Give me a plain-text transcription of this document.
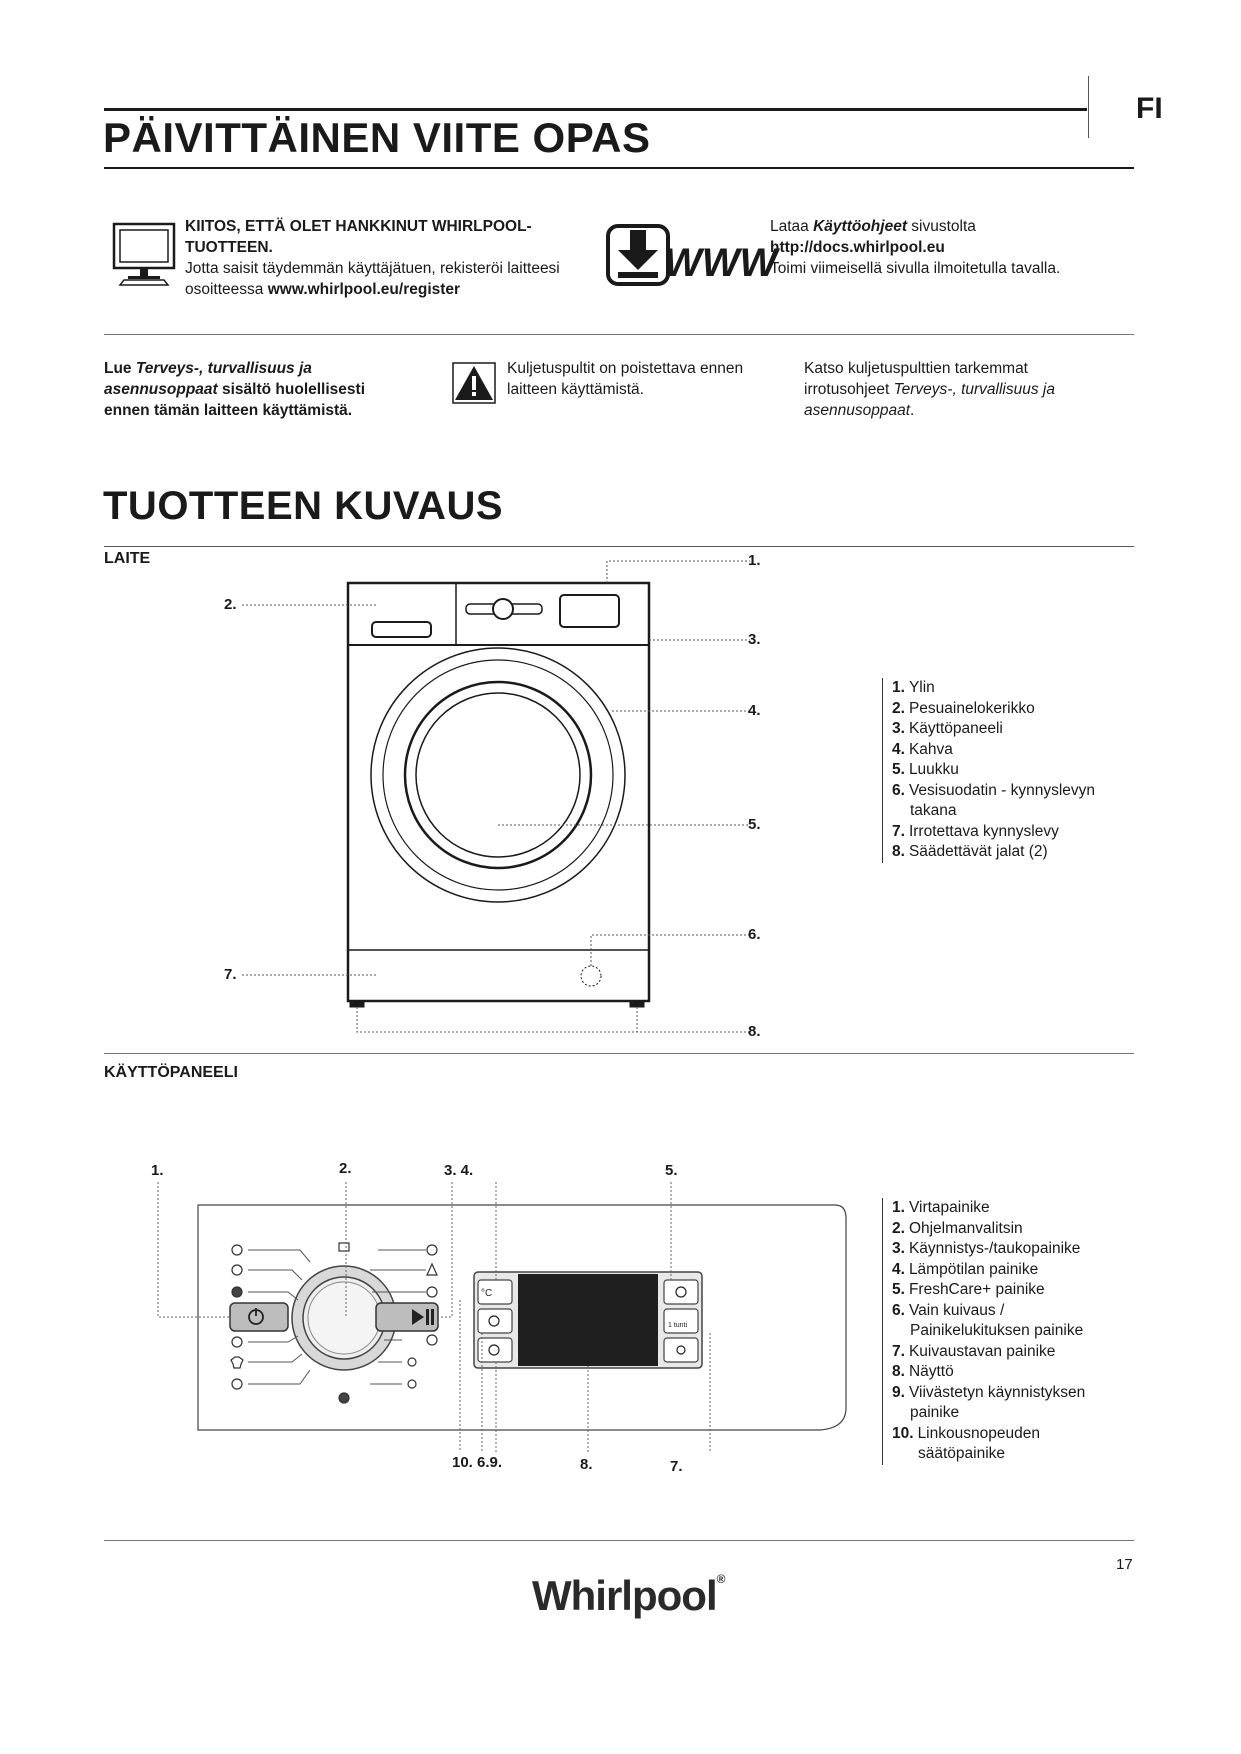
FI
PÄIVITTÄINEN VIITE OPAS
KIITOS, ETTÄ OLET HANKKINUT WHIRLPOOL-
TUOTTEEN.
Jotta saisit täydemmän käyttäjätuen, rekisteröi laitteesi
osoitteessa www.whirlpool.eu/register
WWW
Lataa Käyttöohjeet sivustolta
http://docs.whirlpool.eu
Toimi viimeisellä sivulla ilmoitetulla tavalla.
Lue Terveys-, turvallisuus ja
asennusoppaat sisältö huolellisesti
ennen tämän laitteen käyttämistä.
Kuljetuspultit on poistettava ennen
laitteen käyttämistä.
Katso kuljetuspulttien tarkemmat
irrotusohjeet Terveys-, turvallisuus ja
asennusoppaat.
TUOTTEEN KUVAUS
LAITE	1.
2.
3.
4.
5.
6.
7.
8.
1. Ylin
2. Pesuainelokerikko
3. Käyttöpaneeli
4. Kahva
5. Luukku
6. Vesisuodatin - kynnyslevyn
takana
7. Irrotettava kynnyslevy
8. Säädettävät jalat (2)
KÄYTTÖPANEELI
°C
1 tunti
1.	2.	3. 4.	5.
10. 6.9.	8.	7.
1. Virtapainike
2. Ohjelmanvalitsin
3. Käynnistys-/taukopainike
4. Lämpötilan painike
5. FreshCare+ painike
6. Vain kuivaus /
Painikelukituksen painike
7. Kuivaustavan painike
8. Näyttö
9. Viivästetyn käynnistyksen
painike
10. Linkousnopeuden
säätöpainike
17
Whirlpool®
